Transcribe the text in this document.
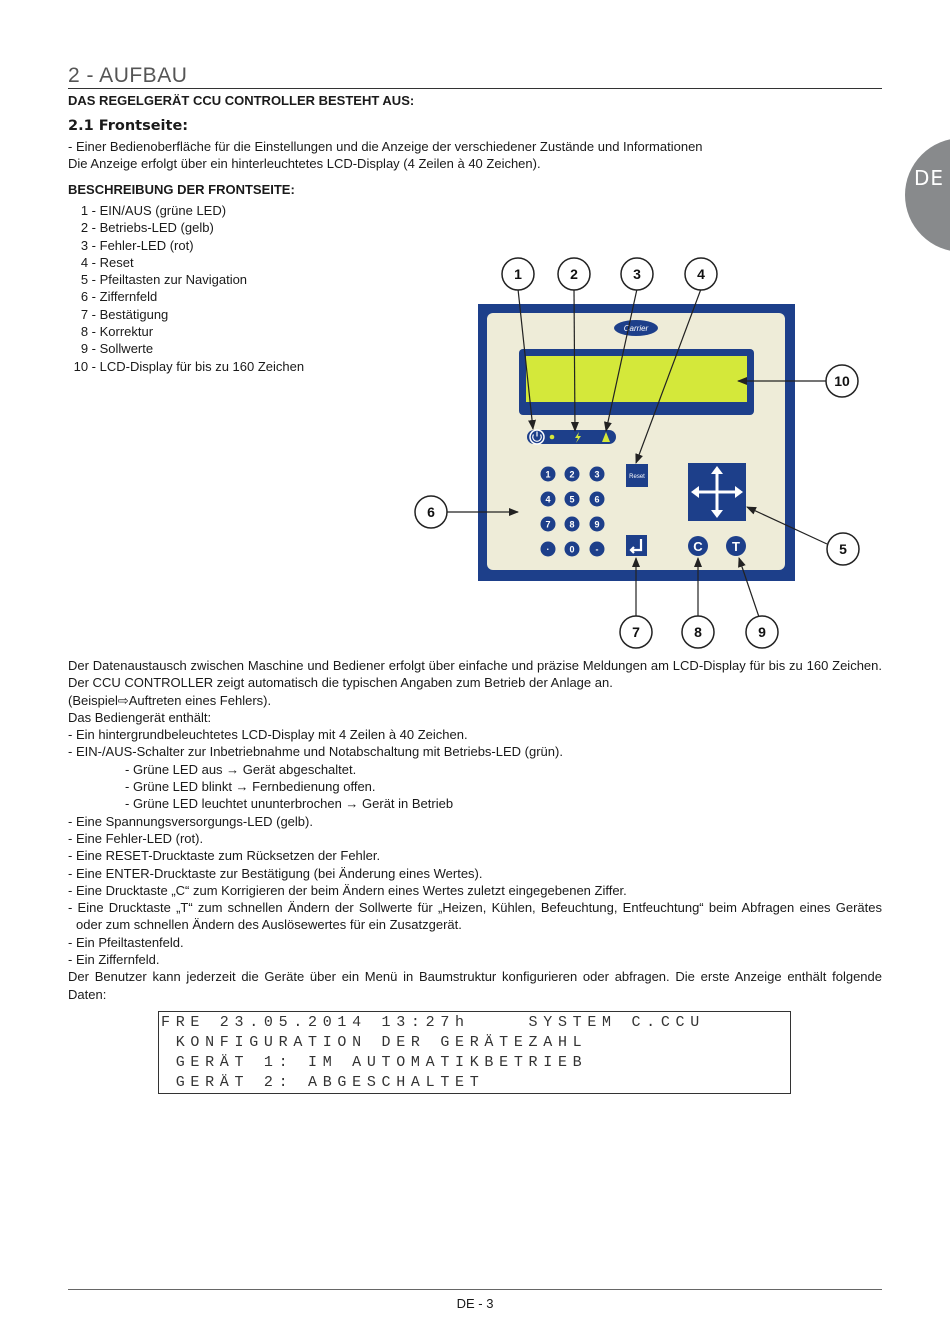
2 - AUFBAU
DAS REGELGERÄT CCU CONTROLLER BESTEHT AUS:
DE
2.1 Frontseite:
- Einer Bedienoberfläche für die Einstellungen und die Anzeige der verschiedener Zustände und Informationen
Die Anzeige erfolgt über ein hinterleuchtetes LCD-Display (4 Zeilen à 40 Zeichen).
BESCHREIBUNG DER FRONTSEITE:
1 - EIN/AUS (grüne LED)
2 - Betriebs-LED (gelb)
3 - Fehler-LED (rot)
4 - Reset
5 - Pfeiltasten zur Navigation
6 - Ziffernfeld
7 - Bestätigung
8 - Korrektur
9 - Sollwerte
10 - LCD-Display für bis zu 160 Zeichen
Carrier
1 2 3
4 5 6
7 8 9
· 0 -
Reset
C T
1	2	3	4
5
6
7	8	9
10

Der Datenaustausch zwischen Maschine und Bediener erfolgt über einfache und präzise Meldungen am LCD-Display für bis zu 160 Zeichen. Der CCU CONTROLLER zeigt automatisch die typischen Angaben zum Betrieb der Anlage an.

(Beispiel⇨Auftreten eines Fehlers).

Das Bediengerät enthält:

- Ein hintergrundbeleuchtetes LCD-Display mit 4 Zeilen à 40 Zeichen.

- EIN-/AUS-Schalter zur Inbetriebnahme und Notabschaltung mit Betriebs-LED (grün).

- Grüne LED aus → Gerät abgeschaltet.

- Grüne LED blinkt → Fernbedienung offen.

- Grüne LED leuchtet ununterbrochen → Gerät in Betrieb

- Eine Spannungsversorgungs-LED (gelb).

- Eine Fehler-LED (rot).

- Eine RESET-Drucktaste zum Rücksetzen der Fehler.

- Eine ENTER-Drucktaste zur Bestätigung (bei Änderung eines Wertes).

- Eine Drucktaste „C“ zum Korrigieren der beim Ändern eines Wertes zuletzt eingegebenen Ziffer.

- Eine Drucktaste „T“ zum schnellen Ändern der Sollwerte für „Heizen, Kühlen, Befeuchtung, Entfeuchtung“ beim Abfragen eines Gerätes oder zum schnellen Ändern des Auslösewertes für ein Zusatzgerät.

- Ein Pfeiltastenfeld.

- Ein Ziffernfeld.

Der Benutzer kann jederzeit die Geräte über ein Menü in Baumstruktur konfigurieren oder abfragen. Die erste Anzeige enthält folgende Daten:

FRE 23.05.2014 13:27h    SYSTEM C.CCU
KONFIGURATION DER GERÄTEZAHL
GERÄT 1: IM AUTOMATIKBETRIEB
GERÄT 2: ABGESCHALTET
DE - 3
